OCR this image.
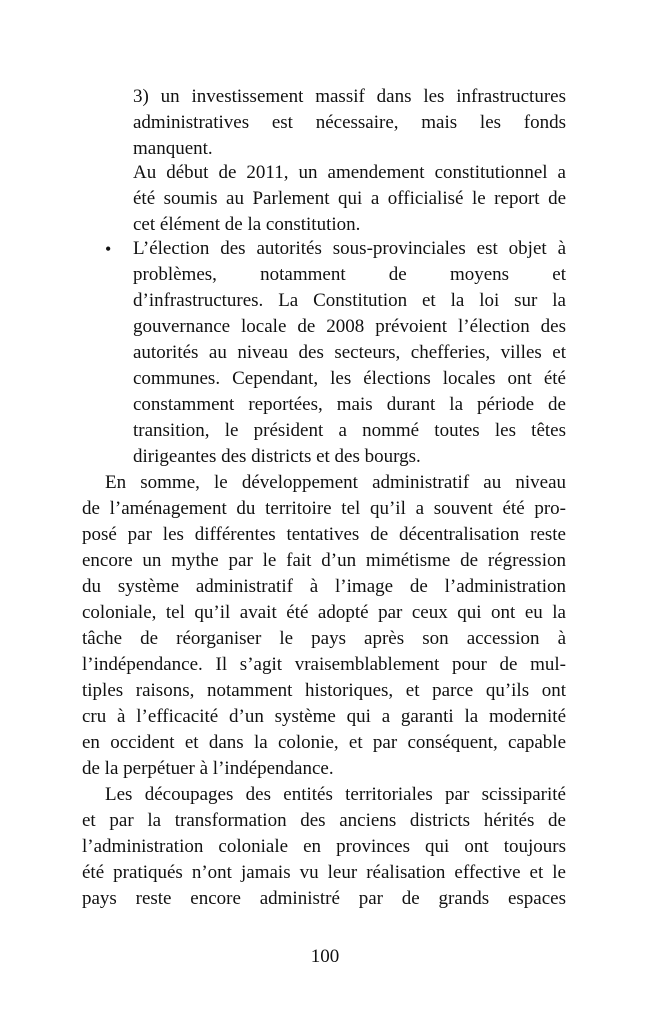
3) un investissement massif dans les infrastructures
administratives est nécessaire, mais les fonds
manquent.
Au début de 2011, un amendement constitutionnel a
été soumis au Parlement qui a officialisé le report de
cet élément de la constitution.
• L’élection des autorités sous-provinciales est objet à
problèmes, notamment de moyens et
d’infrastructures. La Constitution et la loi sur la
gouvernance locale de 2008 prévoient l’élection des
autorités au niveau des secteurs, chefferies, villes et
communes. Cependant, les élections locales ont été
constamment reportées, mais durant la période de
transition, le président a nommé toutes les têtes
dirigeantes des districts et des bourgs.
En somme, le développement administratif au niveau
de l’aménagement du territoire tel qu’il a souvent été pro-
posé par les différentes tentatives de décentralisation reste
encore un mythe par le fait d’un mimétisme de régression
du système administratif à l’image de l’administration
coloniale, tel qu’il avait été adopté par ceux qui ont eu la
tâche de réorganiser le pays après son accession à
l’indépendance. Il s’agit vraisemblablement pour de mul-
tiples raisons, notamment historiques, et parce qu’ils ont
cru à l’efficacité d’un système qui a garanti la modernité
en occident et dans la colonie, et par conséquent, capable
de la perpétuer à l’indépendance.
Les découpages des entités territoriales par scissiparité
et par la transformation des anciens districts hérités de
l’administration coloniale en provinces qui ont toujours
été pratiqués n’ont jamais vu leur réalisation effective et le
pays reste encore administré par de grands espaces
100
